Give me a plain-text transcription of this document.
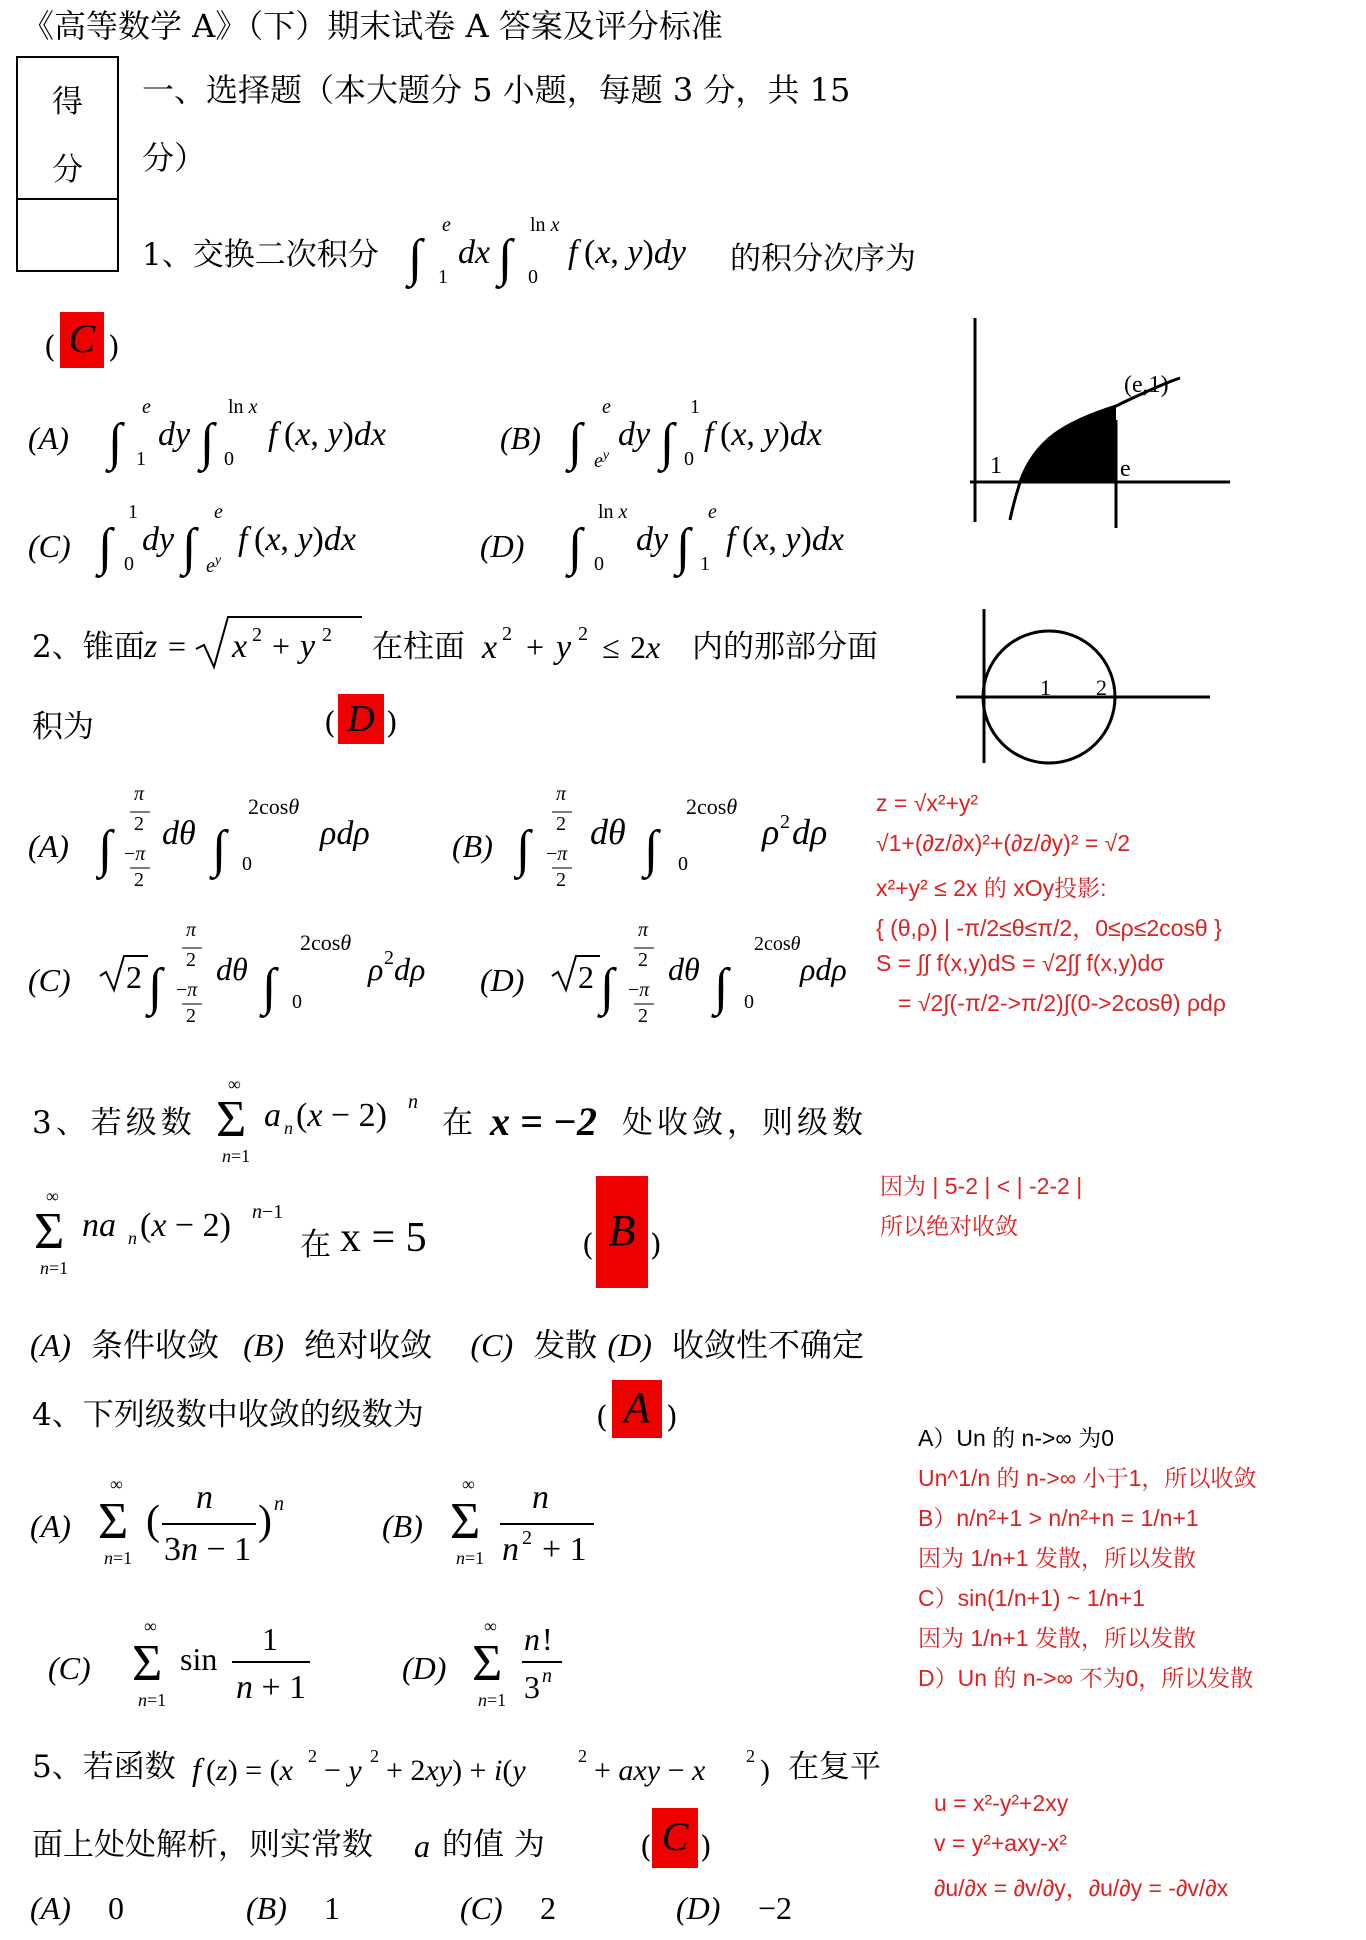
《高等数学 A》（下）期末试卷 A 答案及评分标准
得
分
一、选择题（本大题分 5 小题，每题 3 分，共 15
分）
1、交换二次积分 ∫
e
1
dx ∫
ln x
0
f (x, y)dy 的积分次序为
( C )
(A) ∫
e
1
dy ∫
ln x
0
f (x, y)dx	(B) ∫
e
$e^y$
dy ∫
1
0
f (x, y)dx
(C) ∫
1
0
dy ∫
e
$e^y$
f (x, y)dx	(D) ∫
ln x
0
dy ∫
e
1
f (x, y)dx
(e,1)
1	e
2、锥面 z = x 2 + y 2 在柱面 x 2 + y 2 ≤ 2x 内的那部分面
积为	( D )
1 2
(A) ∫
π
2
−π
2
dθ ∫
2cosθ
0
ρdρ	(B) ∫
π
2
−π
2
dθ ∫
2cosθ
0
ρ 2 dρ
(C) 2 ∫
π
2
−π
2
dθ ∫
2cosθ
0
ρ 2 dρ (D) 2 ∫
π
2
−π
2
dθ ∫
2cosθ
0
ρdρ
z = √x²+y²
√1+(∂z/∂x)²+(∂z/∂y)² = √2
x²+y² ≤ 2x 的 xOy投影:
{ (θ,ρ) | -π/2≤θ≤π/2，0≤ρ≤2cosθ }
S = ∫∫ f(x,y)dS = √2∫∫ f(x,y)dσ
= √2∫(-π/2->π/2)∫(0->2cosθ) ρdρ
3、若级数
∞
Σ
n=1
a n (x − 2) n
在 x = −2 处收敛，则级数
∞
Σ
n=1
na n (x − 2) n−1
在 x = 5	( B )
因为 | 5-2 | < | -2-2 |
所以绝对收敛
(A) 条件收敛 (B) 绝对收敛 (C) 发散 (D) 收敛性不确定
4、下列级数中收敛的级数为	( A )
(A)
∞
Σ
n=1
(
n
3n − 1
) n
(B)
∞
Σ
n=1
n
n 2 + 1
(C)
∞
Σ
n=1
sin
1
n + 1
(D)
∞
Σ
n=1
n !
3 n
A）Un 的 n->∞ 为0
Un^1/n 的 n->∞ 小于1，所以收敛
B）n/n²+1 > n/n²+n = 1/n+1
因为 1/n+1 发散，所以发散
C）sin(1/n+1) ~ 1/n+1
因为 1/n+1 发散，所以发散
D）Un 的 n->∞ 不为0，所以发散
5、若函数 f (z) = (x 2 − y 2 + 2xy) + i(y	2 + axy − x 2 ) 在复平
面上处处解析，则实常数 a 的值 为	( C )
u = x²-y²+2xy
v = y²+axy-x²
∂u/∂x = ∂v/∂y，∂u/∂y = -∂v/∂x
(A) 0	(B) 1	(C) 2	(D) −2
